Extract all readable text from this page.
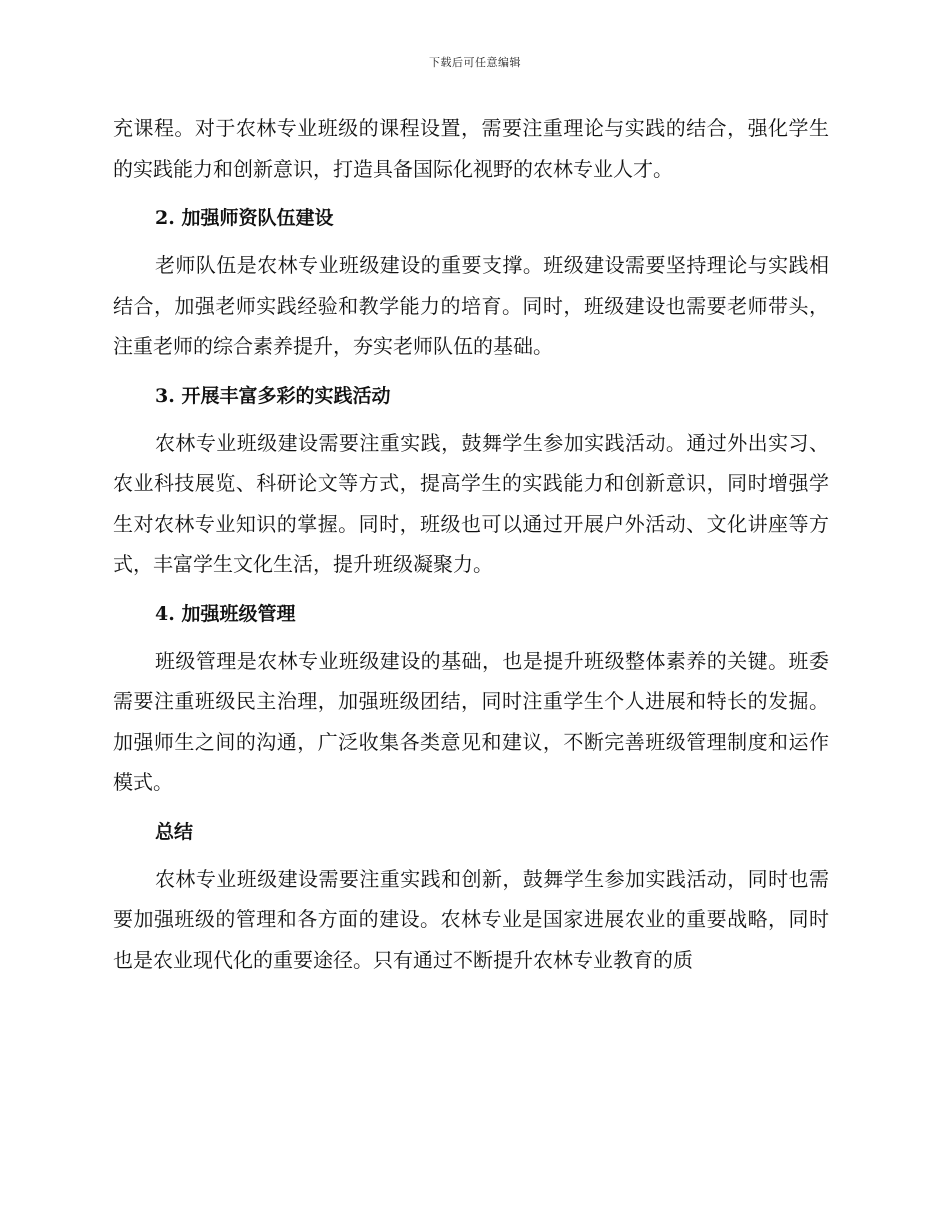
下载后可任意编辑

充课程。对于农林专业班级的课程设置，需要注重理论与实践的结合，强化学生的实践能力和创新意识，打造具备国际化视野的农林专业人才。

2. 加强师资队伍建设

老师队伍是农林专业班级建设的重要支撑。班级建设需要坚持理论与实践相结合，加强老师实践经验和教学能力的培育。同时，班级建设也需要老师带头，注重老师的综合素养提升，夯实老师队伍的基础。

3. 开展丰富多彩的实践活动

农林专业班级建设需要注重实践，鼓舞学生参加实践活动。通过外出实习、农业科技展览、科研论文等方式，提高学生的实践能力和创新意识，同时增强学生对农林专业知识的掌握。同时，班级也可以通过开展户外活动、文化讲座等方式，丰富学生文化生活，提升班级凝聚力。

4. 加强班级管理

班级管理是农林专业班级建设的基础，也是提升班级整体素养的关键。班委需要注重班级民主治理，加强班级团结，同时注重学生个人进展和特长的发掘。加强师生之间的沟通，广泛收集各类意见和建议，不断完善班级管理制度和运作模式。

总结

农林专业班级建设需要注重实践和创新，鼓舞学生参加实践活动，同时也需要加强班级的管理和各方面的建设。农林专业是国家进展农业的重要战略，同时也是农业现代化的重要途径。只有通过不断提升农林专业教育的质
